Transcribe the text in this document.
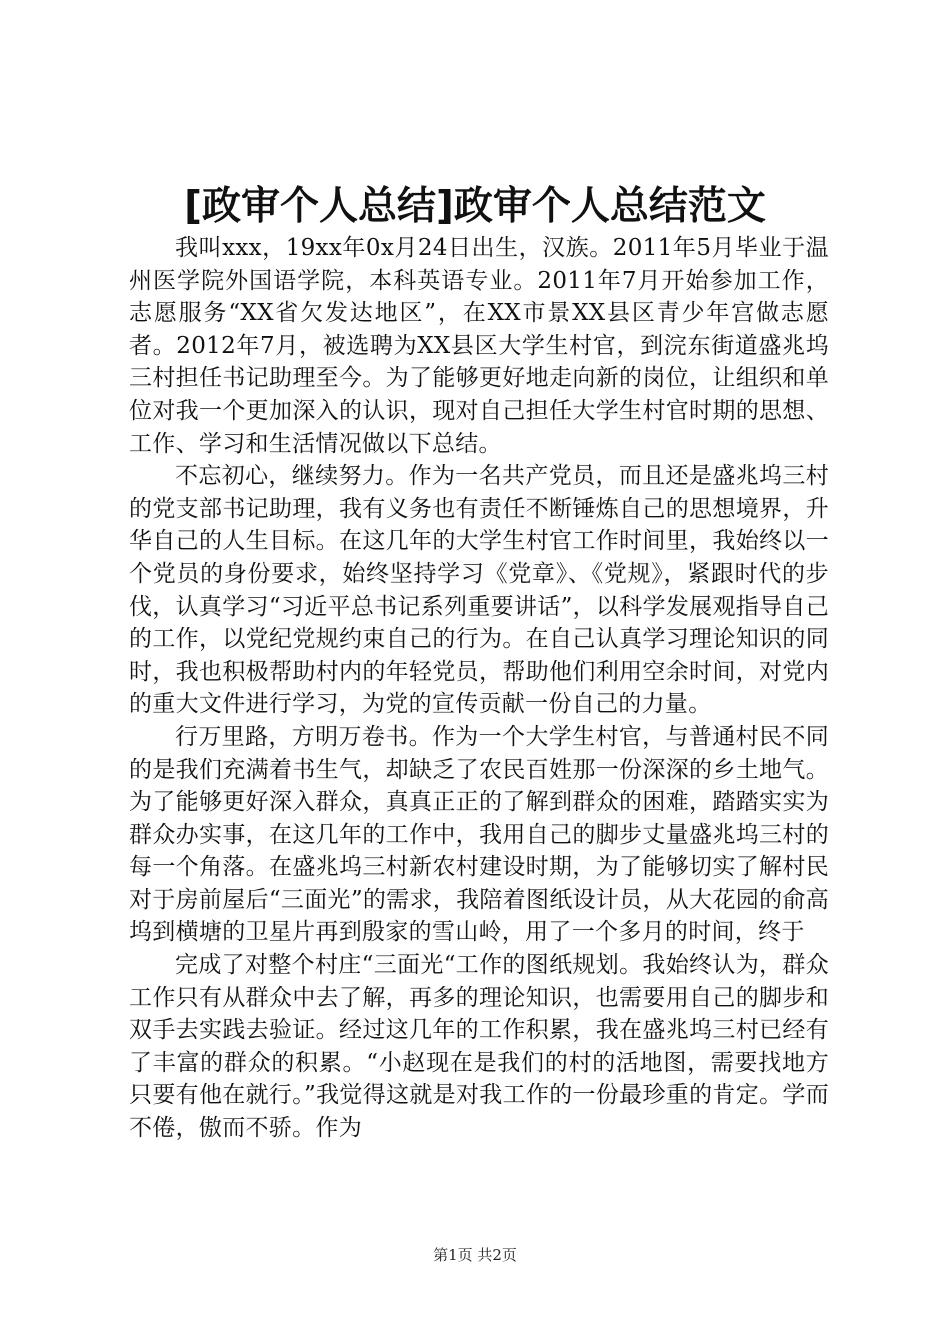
[政审个人总结]政审个人总结范文

我叫xxx，19xx年0x月24日出生，汉族。2011年5月毕业于温州医学院外国语学院，本科英语专业。2011年7月开始参加工作，志愿服务“XX省欠发达地区”，在XX市景XX县区青少年宫做志愿者。2012年7月，被选聘为XX县区大学生村官，到浣东街道盛兆坞三村担任书记助理至今。为了能够更好地走向新的岗位，让组织和单位对我一个更加深入的认识，现对自己担任大学生村官时期的思想、工作、学习和生活情况做以下总结。

不忘初心，继续努力。作为一名共产党员，而且还是盛兆坞三村的党支部书记助理，我有义务也有责任不断锤炼自己的思想境界，升华自己的人生目标。在这几年的大学生村官工作时间里，我始终以一个党员的身份要求，始终坚持学习《党章》、《党规》，紧跟时代的步伐，认真学习“习近平总书记系列重要讲话”，以科学发展观指导自己的工作，以党纪党规约束自己的行为。在自己认真学习理论知识的同时，我也积极帮助村内的年轻党员，帮助他们利用空余时间，对党内的重大文件进行学习，为党的宣传贡献一份自己的力量。

行万里路，方明万卷书。作为一个大学生村官，与普通村民不同的是我们充满着书生气，却缺乏了农民百姓那一份深深的乡土地气。为了能够更好深入群众，真真正正的了解到群众的困难，踏踏实实为群众办实事，在这几年的工作中，我用自己的脚步丈量盛兆坞三村的每一个角落。在盛兆坞三村新农村建设时期，为了能够切实了解村民对于房前屋后“三面光”的需求，我陪着图纸设计员，从大花园的俞高坞到横塘的卫星片再到殷家的雪山岭，用了一个多月的时间，终于

完成了对整个村庄“三面光“工作的图纸规划。我始终认为，群众工作只有从群众中去了解，再多的理论知识，也需要用自己的脚步和双手去实践去验证。经过这几年的工作积累，我在盛兆坞三村已经有了丰富的群众的积累。“小赵现在是我们的村的活地图，需要找地方只要有他在就行。”我觉得这就是对我工作的一份最珍重的肯定。学而不倦，傲而不骄。作为

第1页 共2页
